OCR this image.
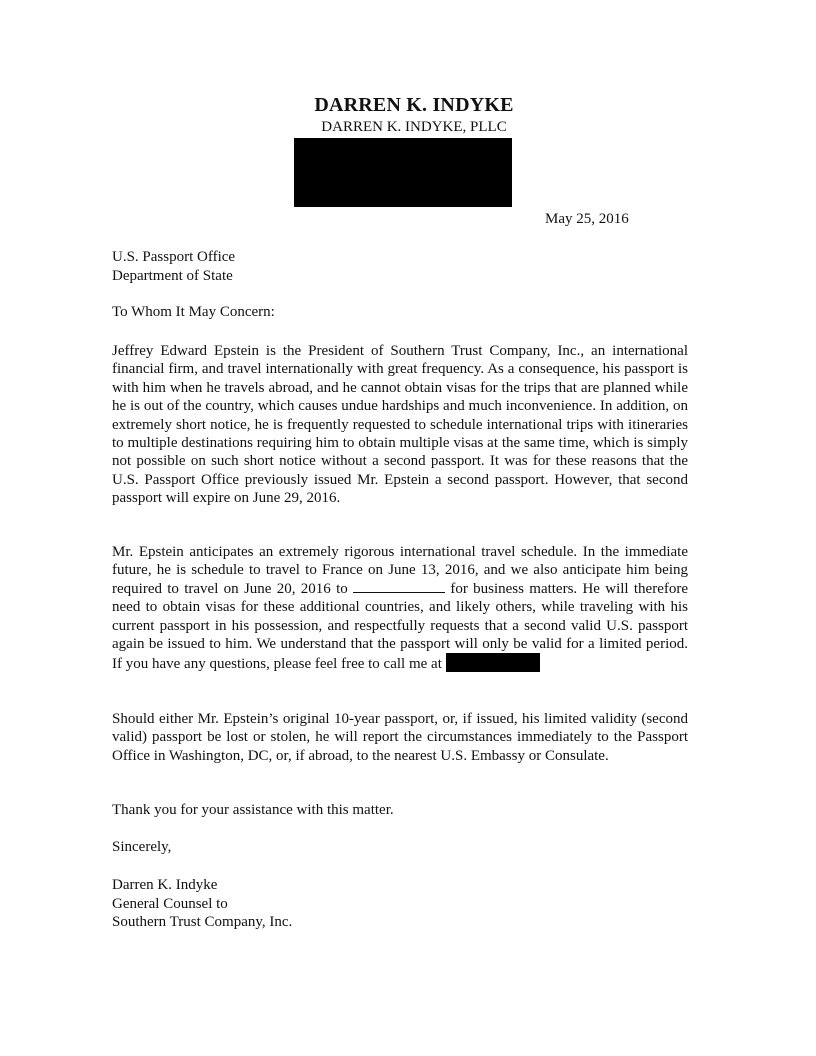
DARREN K. INDYKE
DARREN K. INDYKE, PLLC
May 25, 2016
U.S. Passport Office
Department of State
To Whom It May Concern:

Jeffrey Edward Epstein is the President of Southern Trust Company, Inc., an international financial firm, and travel internationally with great frequency. As a consequence, his passport is with him when he travels abroad, and he cannot obtain visas for the trips that are planned while he is out of the country, which causes undue hardships and much inconvenience. In addition, on extremely short notice, he is frequently requested to schedule international trips with itineraries to multiple destinations requiring him to obtain multiple visas at the same time, which is simply not possible on such short notice without a second passport. It was for these reasons that the U.S. Passport Office previously issued Mr. Epstein a second passport. However, that second passport will expire on June 29, 2016.

Mr. Epstein anticipates an extremely rigorous international travel schedule. In the immediate future, he is schedule to travel to France on June 13, 2016, and we also anticipate him being required to travel on June 20, 2016 to	for business matters. He will therefore need to obtain visas for these additional countries, and likely others, while traveling with his current passport in his possession, and respectfully requests that a second valid U.S. passport again be issued to him. We understand that the passport will only be valid for a limited period. If you have any questions, please feel free to call me at

Should either Mr. Epstein’s original 10-year passport, or, if issued, his limited validity (second valid) passport be lost or stolen, he will report the circumstances immediately to the Passport Office in Washington, DC, or, if abroad, to the nearest U.S. Embassy or Consulate.

Thank you for your assistance with this matter.
Sincerely,
Darren K. Indyke
General Counsel to
Southern Trust Company, Inc.
